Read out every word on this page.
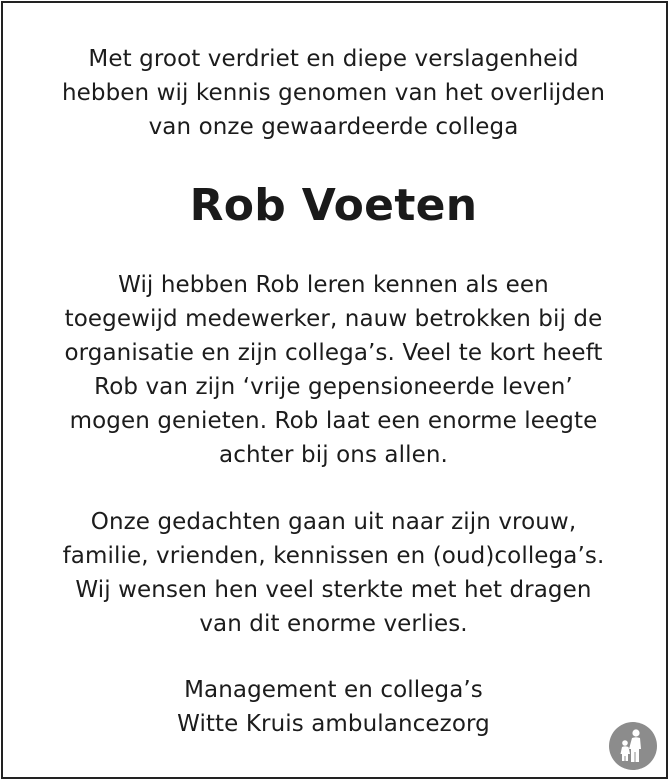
Met groot verdriet en diepe verslagenheid
hebben wij kennis genomen van het overlijden
van onze gewaardeerde collega

Rob Voeten

Wij hebben Rob leren kennen als een
toegewijd medewerker, nauw betrokken bij de
organisatie en zijn collega’s. Veel te kort heeft
Rob van zijn ‘vrije gepensioneerde leven’
mogen genieten. Rob laat een enorme leegte
achter bij ons allen.

Onze gedachten gaan uit naar zijn vrouw,
familie, vrienden, kennissen en (oud)collega’s.
Wij wensen hen veel sterkte met het dragen
van dit enorme verlies.

Management en collega’s
Witte Kruis ambulancezorg
